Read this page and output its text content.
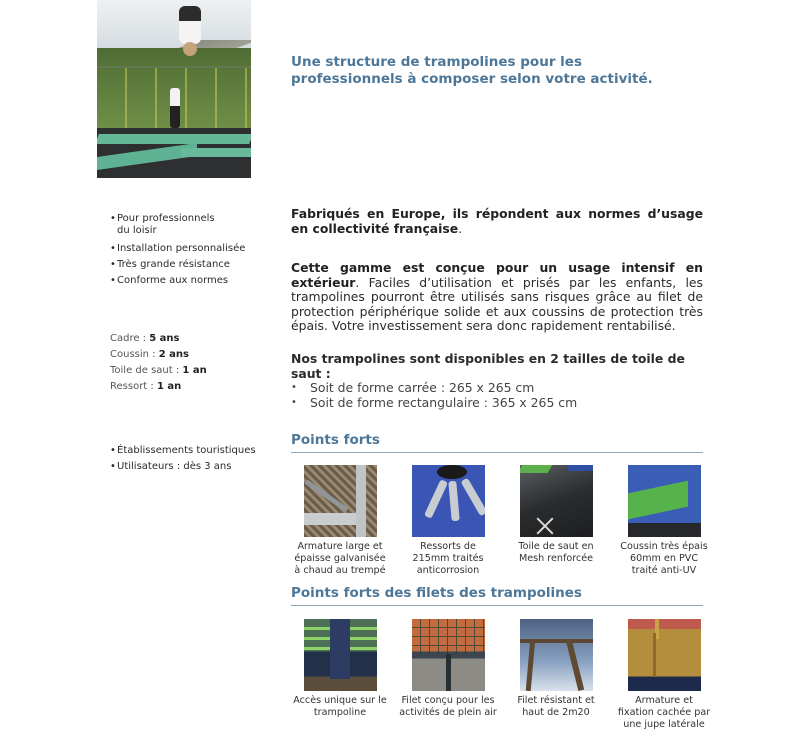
Une structure de trampolines pour les professionnels à composer selon votre activité.
• Pour professionnels
du loisir
• Installation personnalisée
• Très grande résistance
• Conforme aux normes
Cadre : 5 ans
Coussin : 2 ans
Toile de saut : 1 an
Ressort : 1 an
• Établissements touristiques
• Utilisateurs : dès 3 ans
Fabriqués en Europe, ils répondent aux normes d’usage en collectivité française.
Cette gamme est conçue pour un usage intensif en extérieur. Faciles d’utilisation et prisés par les enfants, les trampolines pourront être utilisés sans risques grâce au filet de protection périphérique solide et aux coussins de protection très épais. Votre investissement sera donc rapidement rentabilisé.
Nos trampolines sont disponibles en 2 tailles de toile de saut :
• Soit de forme carrée : 265 x 265 cm
• Soit de forme rectangulaire : 365 x 265 cm
Points forts
Armature large et
épaisse galvanisée
à chaud au trempé
Ressorts de
215mm traités
anticorrosion
Toile de saut en
Mesh renforcée
Coussin très épais
60mm en PVC
traité anti-UV
Points forts des filets des trampolines
Accès unique sur le
trampoline
Filet conçu pour les
activités de plein air
Filet résistant et
haut de 2m20
Armature et
fixation cachée par
une jupe latérale
